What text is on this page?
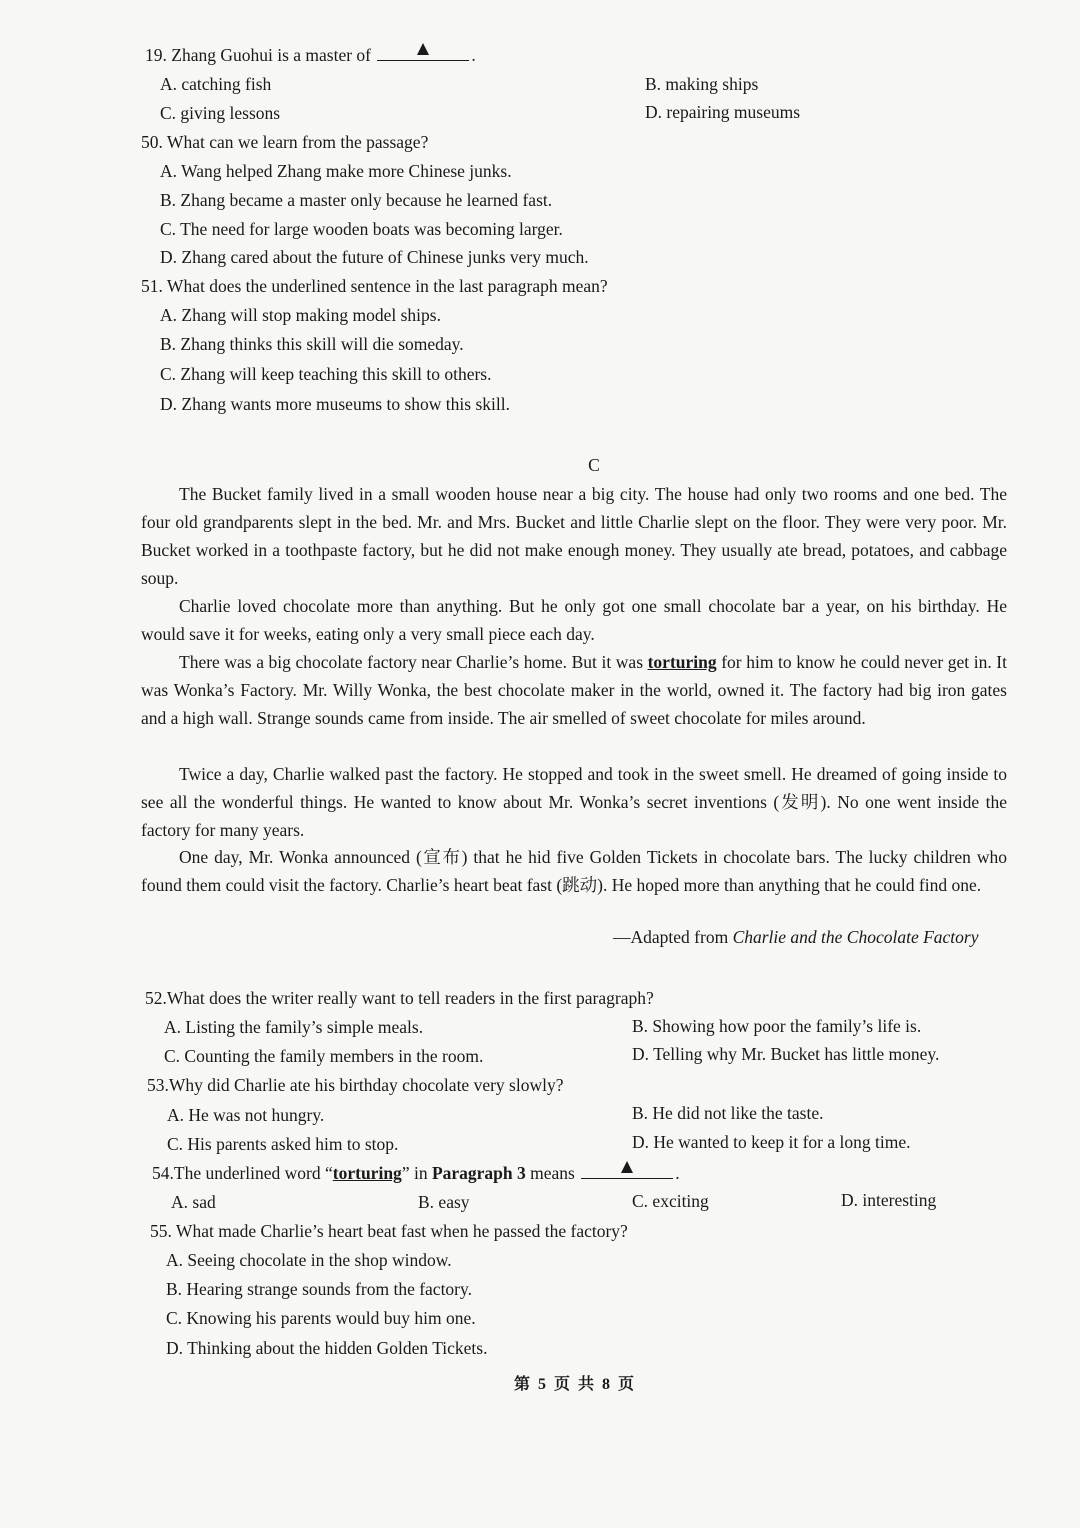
19. Zhang Guohui is a master of	.
A. catching fish	B. making ships
C. giving lessons	D. repairing museums
50. What can we learn from the passage?
A. Wang helped Zhang make more Chinese junks.
B. Zhang became a master only because he learned fast.
C. The need for large wooden boats was becoming larger.
D. Zhang cared about the future of Chinese junks very much.
51. What does the underlined sentence in the last paragraph mean?
A. Zhang will stop making model ships.
B. Zhang thinks this skill will die someday.
C. Zhang will keep teaching this skill to others.
D. Zhang wants more museums to show this skill.
C
The Bucket family lived in a small wooden house near a big city. The house had only two rooms and one bed. The four old grandparents slept in the bed. Mr. and Mrs. Bucket and little Charlie slept on the floor. They were very poor. Mr. Bucket worked in a toothpaste factory, but he did not make enough money. They usually ate bread, potatoes, and cabbage soup.
Charlie loved chocolate more than anything. But he only got one small chocolate bar a year, on his birthday. He would save it for weeks, eating only a very small piece each day.
There was a big chocolate factory near Charlie’s home. But it was torturing for him to know he could never get in. It was Wonka’s Factory. Mr. Willy Wonka, the best chocolate maker in the world, owned it. The factory had big iron gates and a high wall. Strange sounds came from inside. The air smelled of sweet chocolate for miles around.
Twice a day, Charlie walked past the factory. He stopped and took in the sweet smell. He dreamed of going inside to see all the wonderful things. He wanted to know about Mr. Wonka’s secret inventions (发明). No one went inside the factory for many years.
One day, Mr. Wonka announced (宣布) that he hid five Golden Tickets in chocolate bars. The lucky children who found them could visit the factory. Charlie’s heart beat fast (跳动). He hoped more than anything that he could find one.
—Adapted from Charlie and the Chocolate Factory
52.What does the writer really want to tell readers in the first paragraph?
A. Listing the family’s simple meals.	B. Showing how poor the family’s life is.
C. Counting the family members in the room.	D. Telling why Mr. Bucket has little money.
53.Why did Charlie ate his birthday chocolate very slowly?
A. He was not hungry.	B. He did not like the taste.
C. His parents asked him to stop.	D. He wanted to keep it for a long time.
54.The underlined word “torturing” in Paragraph 3 means	.
A. sad	B. easy	C. exciting	D. interesting
55. What made Charlie’s heart beat fast when he passed the factory?
A. Seeing chocolate in the shop window.
B. Hearing strange sounds from the factory.
C. Knowing his parents would buy him one.
D. Thinking about the hidden Golden Tickets.
第 5 页 共 8 页
